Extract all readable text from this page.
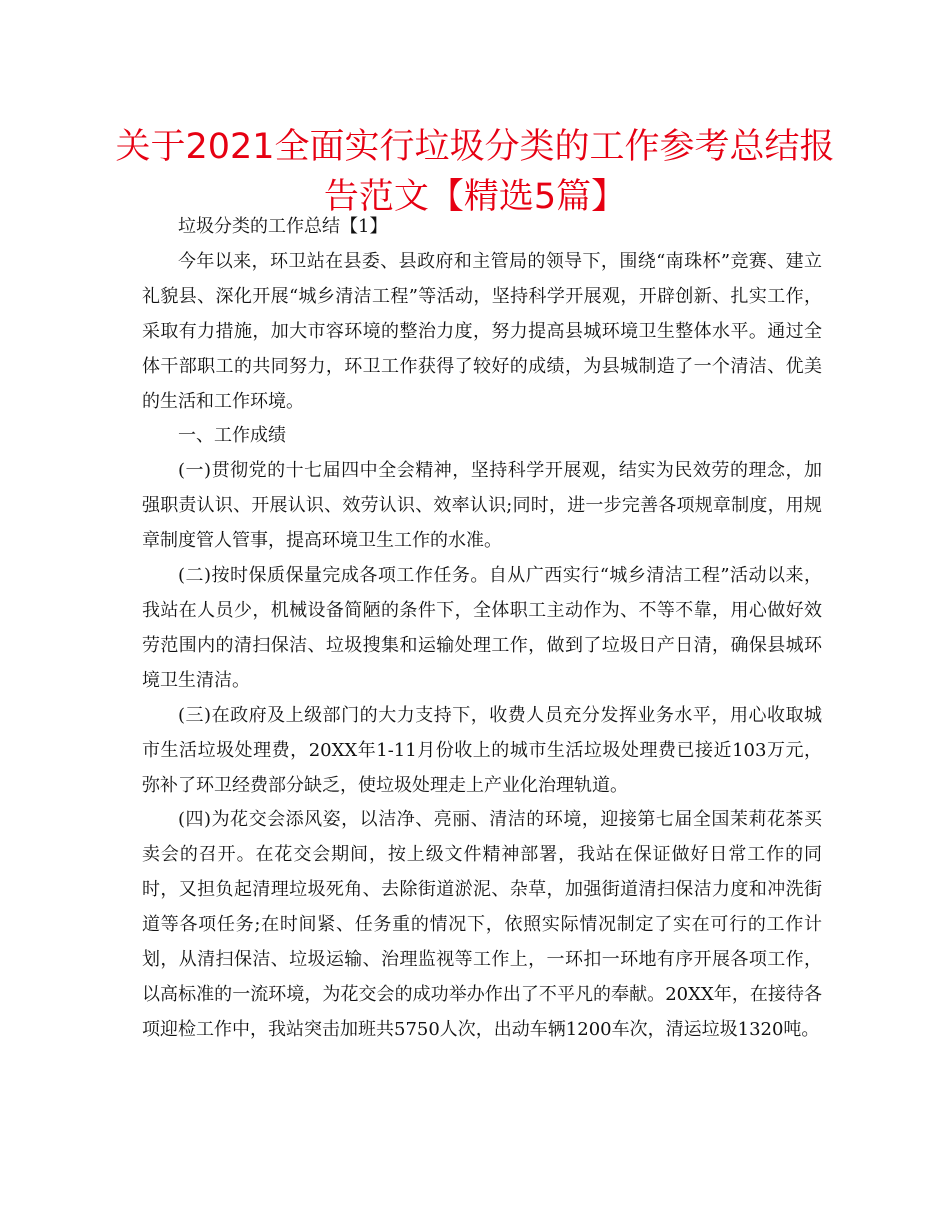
关于2021全面实行垃圾分类的工作参考总结报告范文【精选5篇】

垃圾分类的工作总结【1】

今年以来，环卫站在县委、县政府和主管局的领导下，围绕“南珠杯”竞赛、建立礼貌县、深化开展“城乡清洁工程”等活动，坚持科学开展观，开辟创新、扎实工作，采取有力措施，加大市容环境的整治力度，努力提高县城环境卫生整体水平。通过全体干部职工的共同努力，环卫工作获得了较好的成绩，为县城制造了一个清洁、优美的生活和工作环境。

一、工作成绩

(一)贯彻党的十七届四中全会精神，坚持科学开展观，结实为民效劳的理念，加强职责认识、开展认识、效劳认识、效率认识;同时，进一步完善各项规章制度，用规章制度管人管事，提高环境卫生工作的水准。

(二)按时保质保量完成各项工作任务。自从广西实行“城乡清洁工程”活动以来，我站在人员少，机械设备简陋的条件下，全体职工主动作为、不等不靠，用心做好效劳范围内的清扫保洁、垃圾搜集和运输处理工作，做到了垃圾日产日清，确保县城环境卫生清洁。

(三)在政府及上级部门的大力支持下，收费人员充分发挥业务水平，用心收取城市生活垃圾处理费，20XX年1-11月份收上的城市生活垃圾处理费已接近103万元，弥补了环卫经费部分缺乏，使垃圾处理走上产业化治理轨道。

(四)为花交会添风姿，以洁净、亮丽、清洁的环境，迎接第七届全国茉莉花茶买卖会的召开。在花交会期间，按上级文件精神部署，我站在保证做好日常工作的同时，又担负起清理垃圾死角、去除街道淤泥、杂草，加强街道清扫保洁力度和冲洗街道等各项任务;在时间紧、任务重的情况下，依照实际情况制定了实在可行的工作计划，从清扫保洁、垃圾运输、治理监视等工作上，一环扣一环地有序开展各项工作，以高标准的一流环境，为花交会的成功举办作出了不平凡的奉献。20XX年，在接待各项迎检工作中，我站突击加班共5750人次，出动车辆1200车次，清运垃圾1320吨。
